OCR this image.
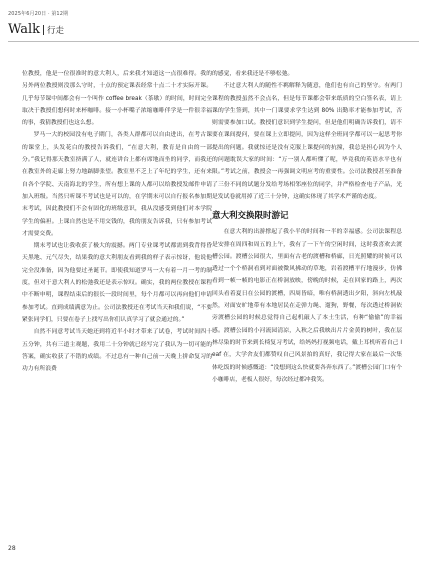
2025年6月20日 · 第12期
Walk 行走

位教授，他是一位很准时的意大利人，后来我才知道这一点很难得。我的另外两位教授则没那么守时，十点的预定课表经常十点二十才实际开课。几乎每节课中间都会有一个叫作 coffee break（茶歇）的时间，时间完全取决于教授们想何时来杯咖啡。接一小杯嘴子浓缩咖啡伴学是一件很幸福的事，我猜教授们也这么想。

罗马一大的校园没有电子閘门，各类人群都可以自由进出，在考古课的课堂上，头发花白的教授告诉我们，“在意大利，教育是自由的一部分。”我记得那天教室挤满了人，就连讲台上都有席地而坐的同学，而我还在教室外的走廊上努力地踮脚张望。教室里不乏上了年纪的学生，还有来自各个学院、天南海北的学生，所有想上课的人都可以给教授发邮件申请加入班级。当然只听课不考试也是可以的，在学期末可以自行报名参加期末考试，因此教授们不会有固化的班级意识，我从没感受到他们对本学院学生的偏袒。上课自然也是不用交钱的，我的朋友告诉我，只有参加考试才需要交费。

期末考试也让我收获了极大的震撼。两门专业课考试都需到我背得昏天黑地、元气尽失，结果我的意大利朋友看到我的样子表示惊讶，他说他完全没准备，因为他要过圣诞节。即使我知道罗马一大有着一月一考的制度，但对于意大利人的松弛我还是表示惊叹。确实，我的两位教授在课程中不断申明，课程结束后的很长一段时间里，每个月都可以再向他们申请参加考试。直到成绩满意为止。公司法教授还在考试当天和我们说，“不要紧张同学们，只要在卷子上找写出你们认真学习了就会通过的。”

自然不同意考试当天她还到将近半小时才带来了试卷，考试时间四十五分钟，共有三道主观题，我用二十分钟就已经写完了我认为一切可能的答案，确实收获了不错的成绩。不过总有一种自己前一天晚上拼命复习的功力有所浪费

的感觉，看来我还是不够松弛。

不过意大利人的随性不羁解释为随意，他们也有自己的坚守。有两门课程的教授虽然不会点名，但是每节课都会带来纸质的空白签名表，请上课的学生签到，其中一门课要求学生达到 80% 出勤率才能参加考试，否则需要参加口试。教授们意识到学生提问，但是他们明确告诉我们，请不要在课间提问，要在课上立即提问，因为这样全班同学都可以一起思考你提出的问题。我就惊还是没有克服上课提问的抗撞，我总是担心因为个人的问题耽误大家的时间：“万一别人都听懂了呢，毕竟我的英语水平也有限。”考试之前，教授会一再强调文明应考的重要性。公司法教授甚至准备了三份不同的试题分发给考场相邻座位的同学，并严格检查电子产品，光是发试卷就用掉了近三十分钟，这确实体现了其学术严谨的态度。

意大利交换限时游记

在意大利的出游撑起了我小半的时间和一半的幸福感。公司法课程总是安排在周四和周五的上午，我有了一下午的空闲时间，这时我喜欢去渡槽公园。渡槽公园很大，里面有古老的渡槽和桥廊，日光照耀的时候可以透过一个个桥洞看到对面被微风拂动的草地，岩着渡槽平行地漫步，仿佛看到一帧一帧的电影正在桥洞放映，傍晚的时候，走在回家的路上，两次回头看着夏日在公园的渡槽，四周皆暗，唯有桥洞透出夕阳，斜向左机敲然，对面安旷地带有本地居民在走弹力绳、遛狗，野餐，每次透过桥洞依旁渡槽公园的时候总觉得自己起机敲人了本土生活，有种“偷偷”的幸福感。渡槽公园的小河流园清凉，入秋之后我映出片片金黄的树叶，我在层林尽染的时节来到长椅复习考试，给妈妈打视频电话，戴上耳机听着自己 leaf 在，大学舍友们都赞叹自己风景拍的真好，我记得大家在最后一次集体吃饭的时候感慨道：“没想到这么快就要各奔东西了。”渡槽公园门口有个小咖啡店，老板人很好，每次经过都冲我笑。

28
